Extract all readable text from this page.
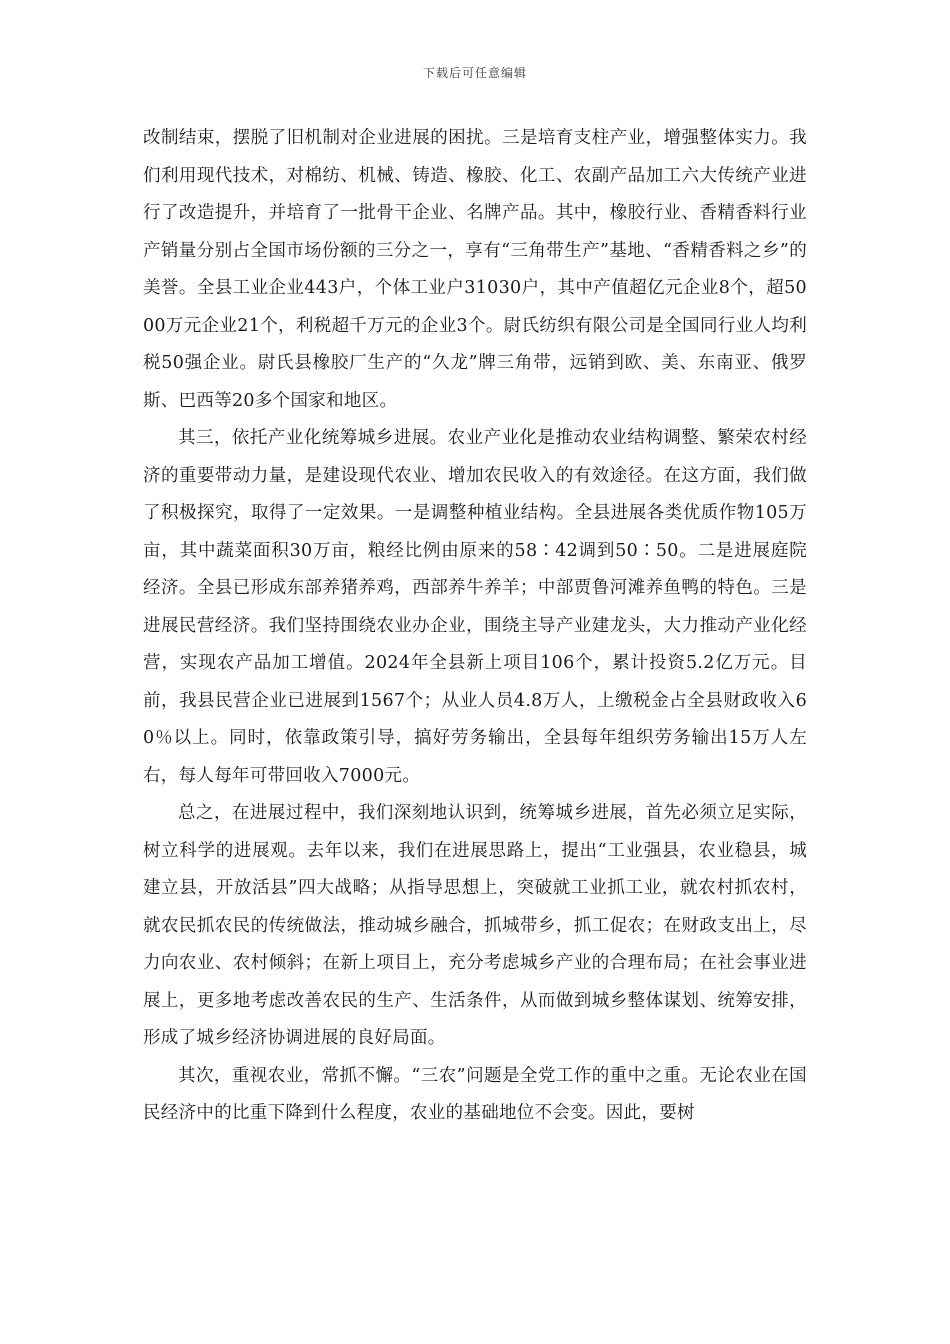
下载后可任意编辑

改制结束，摆脱了旧机制对企业进展的困扰。三是培育支柱产业，增强整体实力。我们利用现代技术，对棉纺、机械、铸造、橡胶、化工、农副产品加工六大传统产业进行了改造提升，并培育了一批骨干企业、名牌产品。其中，橡胶行业、香精香料行业产销量分别占全国市场份额的三分之一，享有“三角带生产”基地、“香精香料之乡”的美誉。全县工业企业443户，个体工业户31030户，其中产值超亿元企业8个，超5000万元企业21个，利税超千万元的企业3个。尉氏纺织有限公司是全国同行业人均利税50强企业。尉氏县橡胶厂生产的“久龙”牌三角带，远销到欧、美、东南亚、俄罗斯、巴西等20多个国家和地区。

其三，依托产业化统筹城乡进展。农业产业化是推动农业结构调整、繁荣农村经济的重要带动力量，是建设现代农业、增加农民收入的有效途径。在这方面，我们做了积极探究，取得了一定效果。一是调整种植业结构。全县进展各类优质作物105万亩，其中蔬菜面积30万亩，粮经比例由原来的58∶42调到50∶50。二是进展庭院经济。全县已形成东部养猪养鸡，西部养牛养羊；中部贾鲁河滩养鱼鸭的特色。三是进展民营经济。我们坚持围绕农业办企业，围绕主导产业建龙头，大力推动产业化经营，实现农产品加工增值。2024年全县新上项目106个，累计投资5.2亿万元。目前，我县民营企业已进展到1567个；从业人员4.8万人，上缴税金占全县财政收入60％以上。同时，依靠政策引导，搞好劳务输出，全县每年组织劳务输出15万人左右，每人每年可带回收入7000元。

总之，在进展过程中，我们深刻地认识到，统筹城乡进展，首先必须立足实际，树立科学的进展观。去年以来，我们在进展思路上，提出“工业强县，农业稳县，城建立县，开放活县”四大战略；从指导思想上，突破就工业抓工业，就农村抓农村，就农民抓农民的传统做法，推动城乡融合，抓城带乡，抓工促农；在财政支出上，尽力向农业、农村倾斜；在新上项目上，充分考虑城乡产业的合理布局；在社会事业进展上，更多地考虑改善农民的生产、生活条件，从而做到城乡整体谋划、统筹安排，形成了城乡经济协调进展的良好局面。

其次，重视农业，常抓不懈。“三农”问题是全党工作的重中之重。无论农业在国民经济中的比重下降到什么程度，农业的基础地位不会变。因此，要树
